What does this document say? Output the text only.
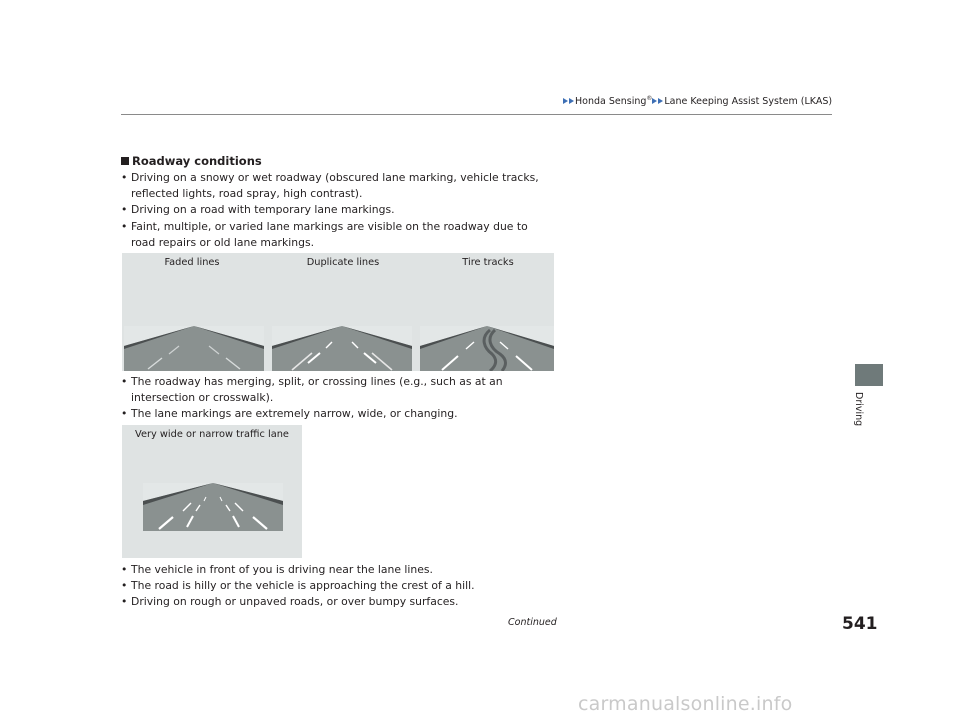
Honda Sensing® Lane Keeping Assist System (LKAS)
Roadway conditions
• Driving on a snowy or wet roadway (obscured lane marking, vehicle tracks, reflected lights, road spray, high contrast).
• Driving on a road with temporary lane markings.
• Faint, multiple, or varied lane markings are visible on the roadway due to road repairs or old lane markings.
Faded lines	Duplicate lines	Tire tracks
• The roadway has merging, split, or crossing lines (e.g., such as at an intersection or crosswalk).
• The lane markings are extremely narrow, wide, or changing.
Very wide or narrow traffic lane
• The vehicle in front of you is driving near the lane lines.
• The road is hilly or the vehicle is approaching the crest of a hill.
• Driving on rough or unpaved roads, or over bumpy surfaces.
Driving
Continued	541
carmanualsonline.info
